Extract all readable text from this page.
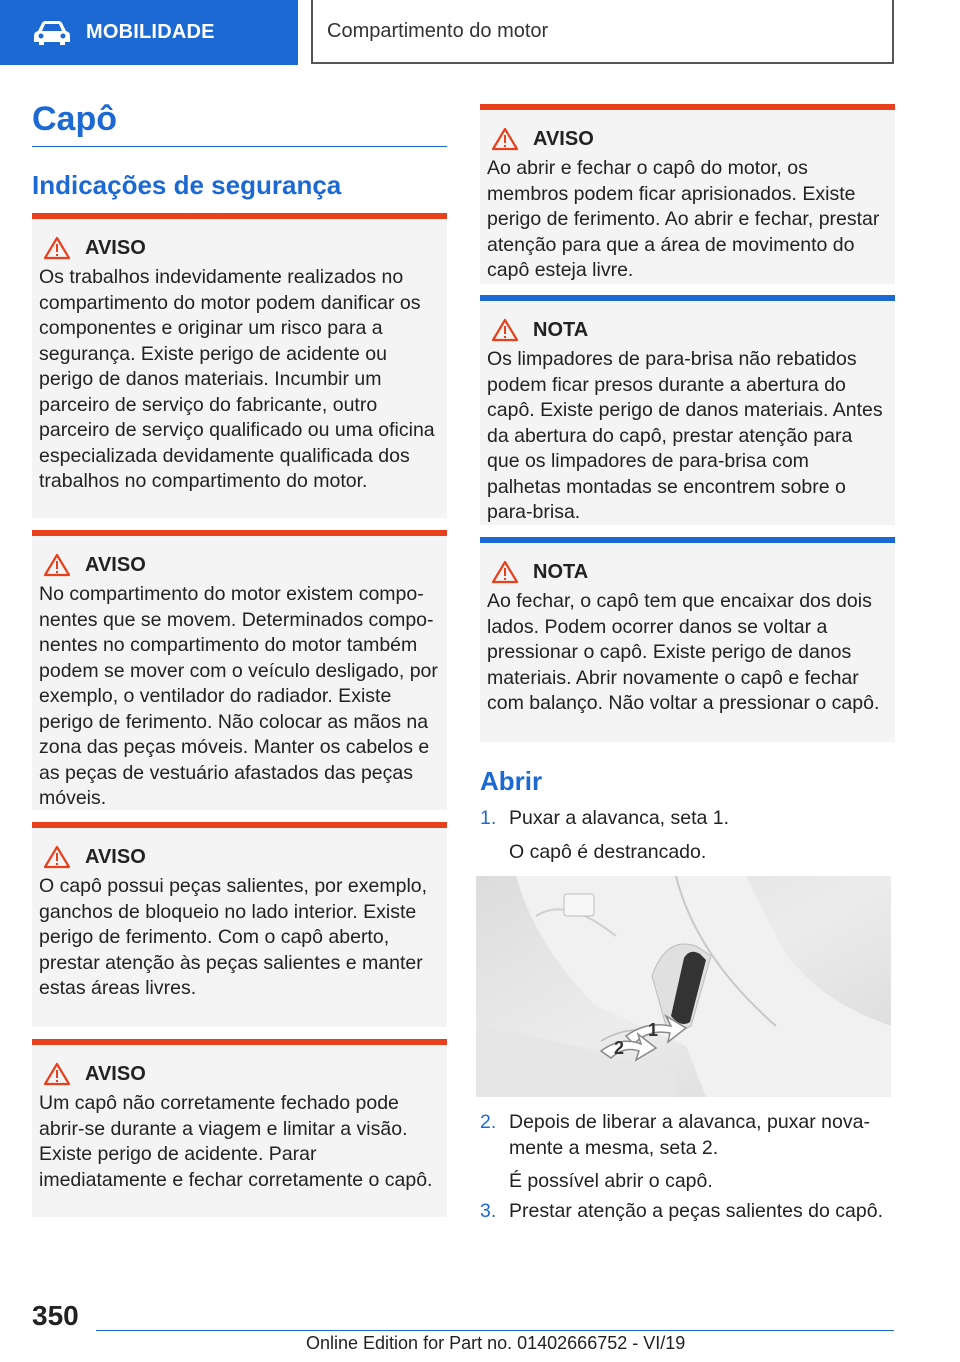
MOBILIDADE	Compartimento do motor
Capô
Indicações de segurança
AVISO
Os trabalhos indevidamente realizados no compartimento do motor podem danificar os componentes e originar um risco para a segurança. Existe perigo de acidente ou perigo de danos materiais. Incumbir um parceiro de serviço do fabricante, outro parceiro de serviço qualificado ou uma oficina especializada devidamente qualificada dos trabalhos no compartimento do motor.
AVISO
No compartimento do motor existem componentes que se movem. Determinados componentes no compartimento do motor também podem se mover com o veículo desligado, por exemplo, o ventilador do radiador. Existe perigo de ferimento. Não colocar as mãos na zona das peças móveis. Manter os cabelos e as peças de vestuário afastados das peças móveis.
AVISO
O capô possui peças salientes, por exemplo, ganchos de bloqueio no lado interior. Existe perigo de ferimento. Com o capô aberto, prestar atenção às peças salientes e manter estas áreas livres.
AVISO
Um capô não corretamente fechado pode abrir-se durante a viagem e limitar a visão. Existe perigo de acidente. Parar imediatamente e fechar corretamente o capô.
AVISO
Ao abrir e fechar o capô do motor, os membros podem ficar aprisionados. Existe perigo de ferimento. Ao abrir e fechar, prestar atenção para que a área de movimento do capô esteja livre.
NOTA
Os limpadores de para-brisa não rebatidos podem ficar presos durante a abertura do capô. Existe perigo de danos materiais. Antes da abertura do capô, prestar atenção para que os limpadores de para-brisa com palhetas montadas se encontrem sobre o para-brisa.
NOTA
Ao fechar, o capô tem que encaixar dos dois lados. Podem ocorrer danos se voltar a pressionar o capô. Existe perigo de danos materiais. Abrir novamente o capô e fechar com balanço. Não voltar a pressionar o capô.
Abrir
1. Puxar a alavanca, seta 1.
O capô é destrancado.
1
2
2. Depois de liberar a alavanca, puxar novamente a mesma, seta 2.
É possível abrir o capô.
3. Prestar atenção a peças salientes do capô.
350
Online Edition for Part no. 01402666752 - VI/19
